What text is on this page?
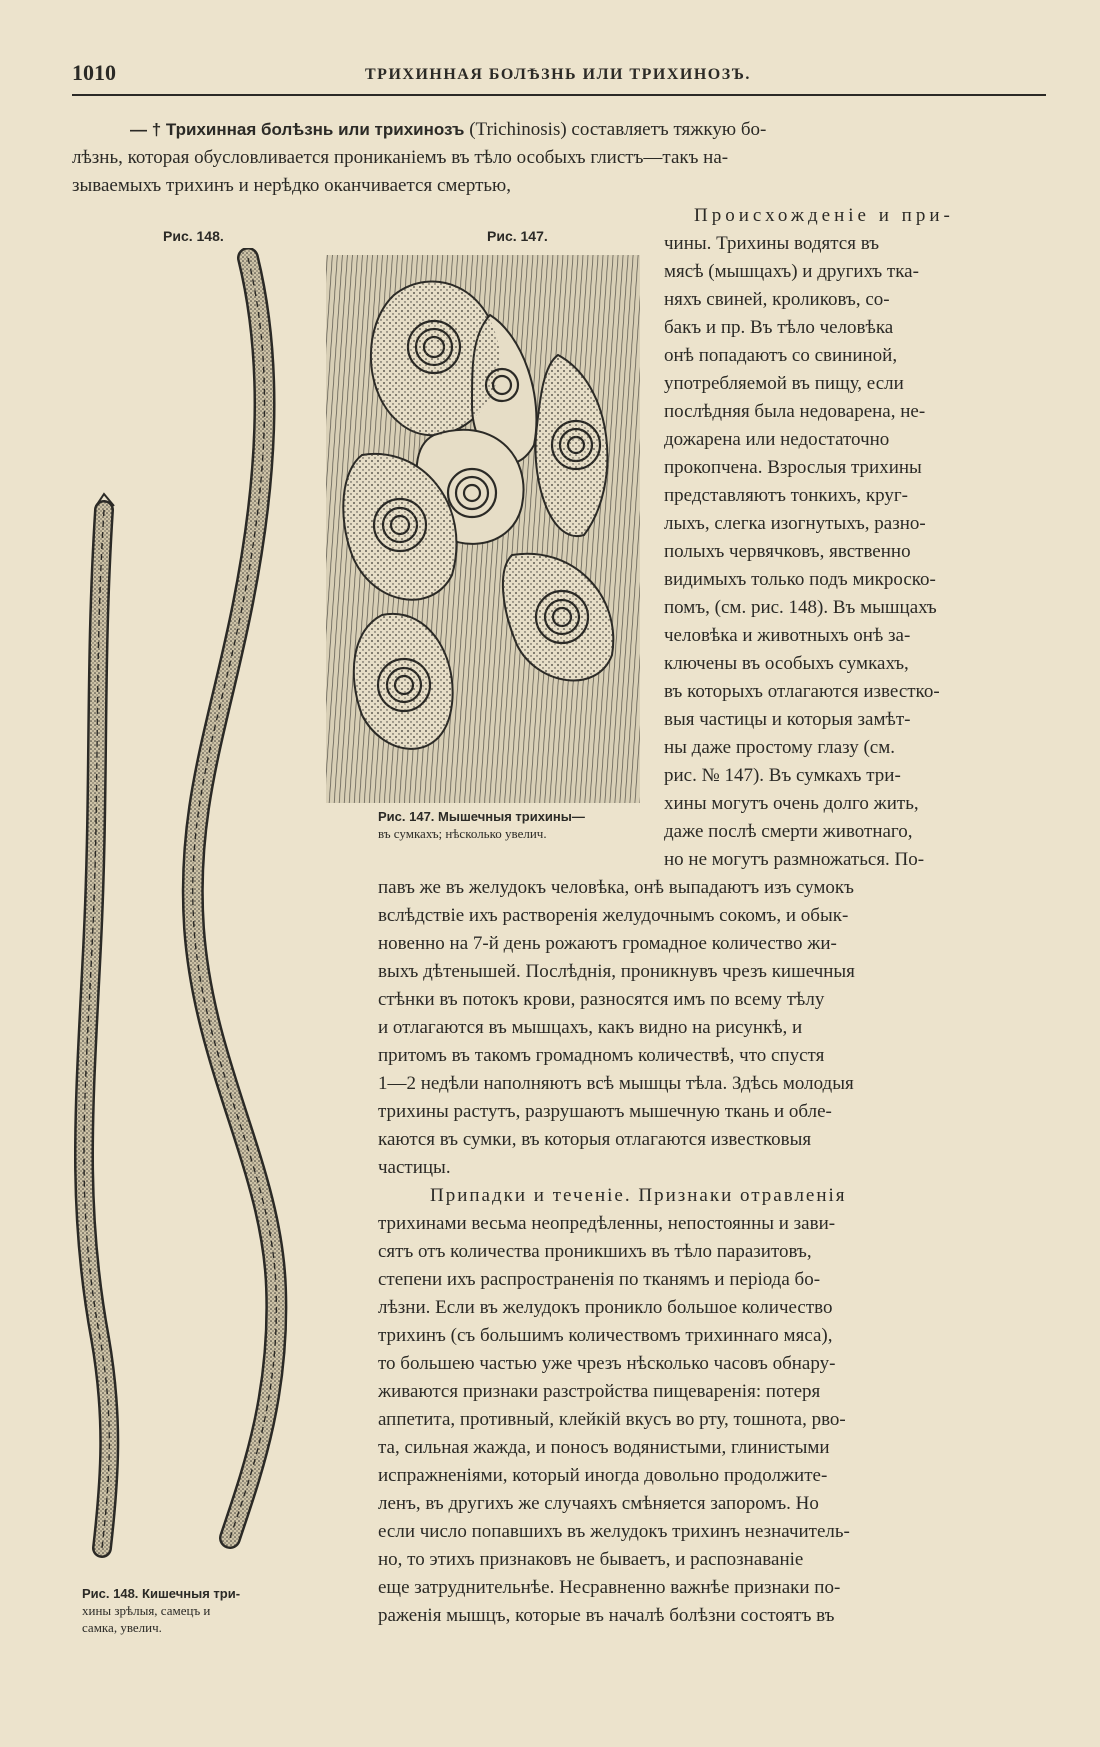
1010	ТРИХИННАЯ БОЛѢЗНЬ ИЛИ ТРИХИНОЗЪ.
— † Трихинная болѣзнь или трихинозъ (Trichinosis) составляетъ тяжкую бо-
лѣзнь, которая обусловливается прониканіемъ въ тѣло особыхъ глистъ—такъ на-
зываемыхъ трихинъ и нерѣдко оканчивается смертью,
Рис. 148.	Рис. 147.
Рис. 147. Мышечныя трихины—
въ сумкахъ; нѣсколько увелич.
Рис. 148. Кишечныя три-
хины зрѣлыя, самецъ и
самка, увелич.
Происхожденіе и при-
чины. Трихины водятся въ
мясѣ (мышцахъ) и другихъ тка-
няхъ свиней, кроликовъ, со-
бакъ и пр. Въ тѣло человѣка
онѣ попадаютъ со свининой,
употребляемой въ пищу, если
послѣдняя была недоварена, не-
дожарена или недостаточно
прокопчена. Взрослыя трихины
представляютъ тонкихъ, круг-
лыхъ, слегка изогнутыхъ, разно-
полыхъ червячковъ, явственно
видимыхъ только подъ микроско-
помъ, (см. рис. 148). Въ мышцахъ
человѣка и животныхъ онѣ за-
ключены въ особыхъ сумкахъ,
въ которыхъ отлагаются известко-
выя частицы и которыя замѣт-
ны даже простому глазу (см.
рис. № 147). Въ сумкахъ три-
хины могутъ очень долго жить,
даже послѣ смерти животнаго,
но не могутъ размножаться. По-
павъ же въ желудокъ человѣка, онѣ выпадаютъ изъ сумокъ
вслѣдствіе ихъ растворенія желудочнымъ сокомъ, и обык-
новенно на 7-й день рожаютъ громадное количество жи-
выхъ дѣтенышей. Послѣднія, проникнувъ чрезъ кишечныя
стѣнки въ потокъ крови, разносятся имъ по всему тѣлу
и отлагаются въ мышцахъ, какъ видно на рисункѣ, и
притомъ въ такомъ громадномъ количествѣ, что спустя
1—2 недѣли наполняютъ всѣ мышцы тѣла. Здѣсь молодыя
трихины растутъ, разрушаютъ мышечную ткань и обле-
каются въ сумки, въ которыя отлагаются известковыя
частицы.
Припадки и теченіе. Признаки отравленія
трихинами весьма неопредѣленны, непостоянны и зави-
сятъ отъ количества проникшихъ въ тѣло паразитовъ,
степени ихъ распространенія по тканямъ и періода бо-
лѣзни. Если въ желудокъ проникло большое количество
трихинъ (съ большимъ количествомъ трихиннаго мяса),
то большею частью уже чрезъ нѣсколько часовъ обнару-
живаются признаки разстройства пищеваренія: потеря
аппетита, противный, клейкій вкусъ во рту, тошнота, рво-
та, сильная жажда, и поносъ водянистыми, глинистыми
испражненіями, который иногда довольно продолжите-
ленъ, въ другихъ же случаяхъ смѣняется запоромъ. Но
если число попавшихъ въ желудокъ трихинъ незначитель-
но, то этихъ признаковъ не бываетъ, и распознаваніе
еще затруднительнѣе. Несравненно важнѣе признаки по-
раженія мышцъ, которые въ началѣ болѣзни состоятъ въ
